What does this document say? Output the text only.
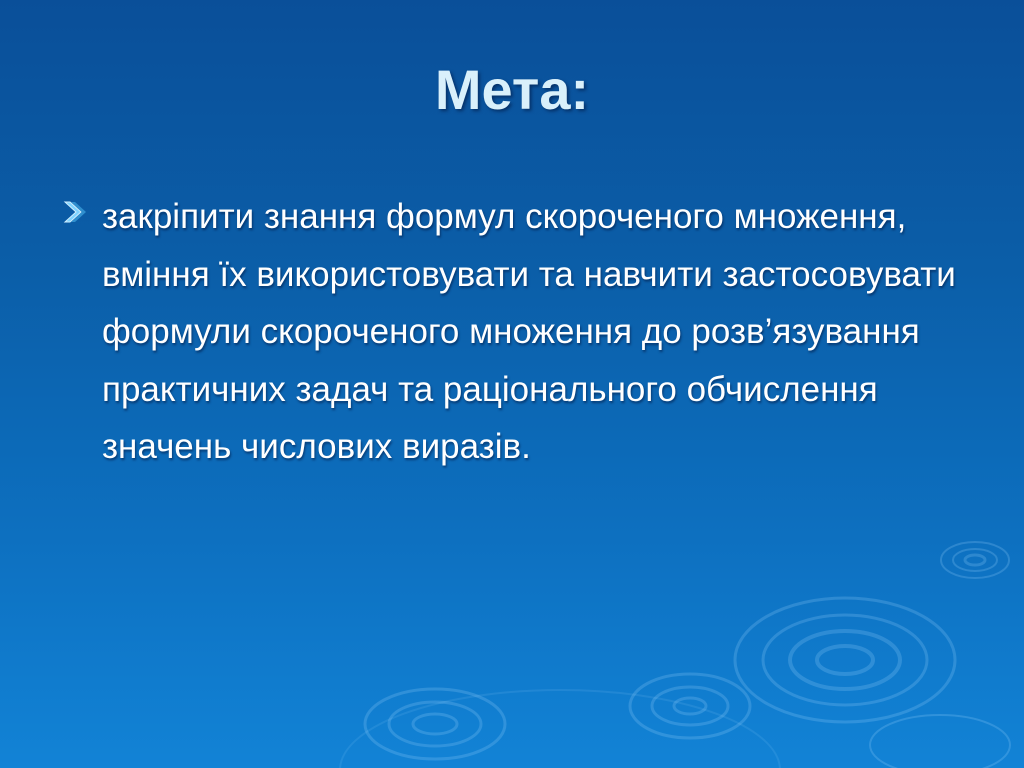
Мета:
закріпити знання формул скороченого множення, вміння їх використовувати та навчити застосовувати формули скороченого множення до розв’язування практичних задач та раціонального обчислення значень числових виразів.
